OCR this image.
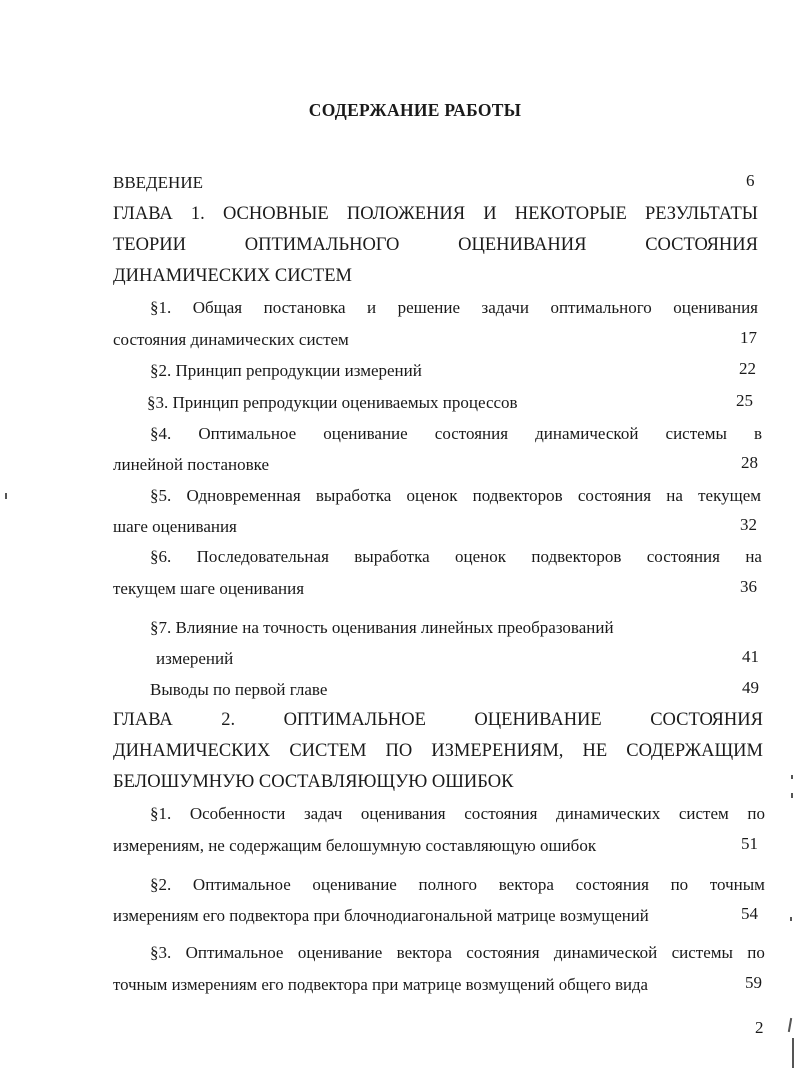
СОДЕРЖАНИЕ РАБОТЫ
ВВЕДЕНИЕ	6
ГЛАВА 1. ОСНОВНЫЕ ПОЛОЖЕНИЯ И НЕКОТОРЫЕ РЕЗУЛЬТАТЫ
ТЕОРИИ	ОПТИМАЛЬНОГО	ОЦЕНИВАНИЯ	СОСТОЯНИЯ
ДИНАМИЧЕСКИХ СИСТЕМ
§1. Общая постановка и решение задачи оптимального оценивания
состояния динамических систем	17
§2. Принцип репродукции измерений	22
§3. Принцип репродукции оцениваемых процессов	25
§4. Оптимальное оценивание состояния динамической системы в
линейной постановке	28
§5. Одновременная выработка оценок подвекторов состояния на текущем
шаге оценивания	32
§6. Последовательная выработка оценок подвекторов состояния на
текущем шаге оценивания	36
§7. Влияние на точность оценивания линейных преобразований
измерений	41
Выводы по первой главе	49
ГЛАВА	2.	ОПТИМАЛЬНОЕ	ОЦЕНИВАНИЕ	СОСТОЯНИЯ
ДИНАМИЧЕСКИХ СИСТЕМ ПО ИЗМЕРЕНИЯМ, НЕ СОДЕРЖАЩИМ
БЕЛОШУМНУЮ СОСТАВЛЯЮЩУЮ ОШИБОК
§1. Особенности задач оценивания состояния динамических систем по
измерениям, не содержащим белошумную составляющую ошибок	51
§2. Оптимальное оценивание полного вектора состояния по точным
измерениям его подвектора при блочнодиагональной матрице возмущений	54
§3. Оптимальное оценивание вектора состояния динамической системы по
точным измерениям его подвектора при матрице возмущений общего вида	59
2
